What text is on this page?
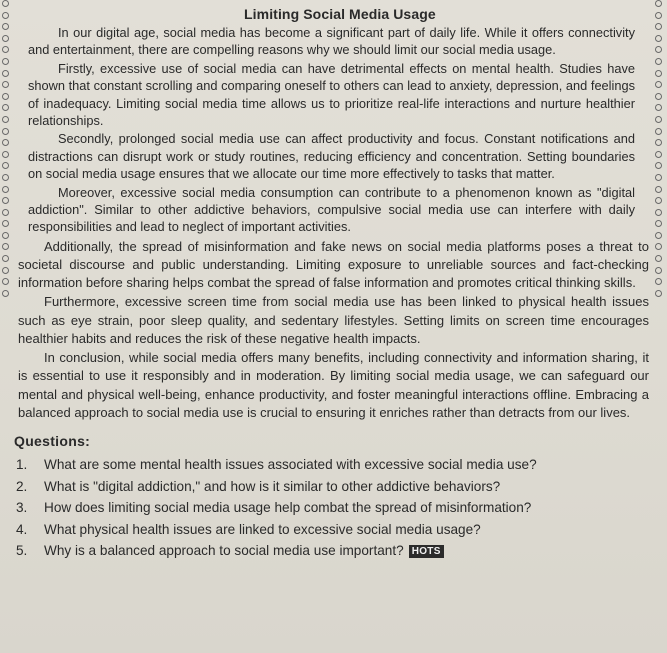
Limiting Social Media Usage

In our digital age, social media has become a significant part of daily life. While it offers connectivity and entertainment, there are compelling reasons why we should limit our social media usage.

Firstly, excessive use of social media can have detrimental effects on mental health. Studies have shown that constant scrolling and comparing oneself to others can lead to anxiety, depression, and feelings of inadequacy. Limiting social media time allows us to prioritize real-life interactions and nurture healthier relationships.

Secondly, prolonged social media use can affect productivity and focus. Constant notifications and distractions can disrupt work or study routines, reducing efficiency and concentration. Setting boundaries on social media usage ensures that we allocate our time more effectively to tasks that matter.

Moreover, excessive social media consumption can contribute to a phenomenon known as "digital addiction". Similar to other addictive behaviors, compulsive social media use can interfere with daily responsibilities and lead to neglect of important activities.

Additionally, the spread of misinformation and fake news on social media platforms poses a threat to societal discourse and public understanding. Limiting exposure to unreliable sources and fact-checking information before sharing helps combat the spread of false information and promotes critical thinking skills.

Furthermore, excessive screen time from social media use has been linked to physical health issues such as eye strain, poor sleep quality, and sedentary lifestyles. Setting limits on screen time encourages healthier habits and reduces the risk of these negative health impacts.

In conclusion, while social media offers many benefits, including connectivity and information sharing, it is essential to use it responsibly and in moderation. By limiting social media usage, we can safeguard our mental and physical well-being, enhance productivity, and foster meaningful interactions offline. Embracing a balanced approach to social media use is crucial to ensuring it enriches rather than detracts from our lives.

Questions:
1.	What are some mental health issues associated with excessive social media use?
2.	What is "digital addiction," and how is it similar to other addictive behaviors?
3.	How does limiting social media usage help combat the spread of misinformation?
4.	What physical health issues are linked to excessive social media usage?
5.	Why is a balanced approach to social media use important? HOTS
